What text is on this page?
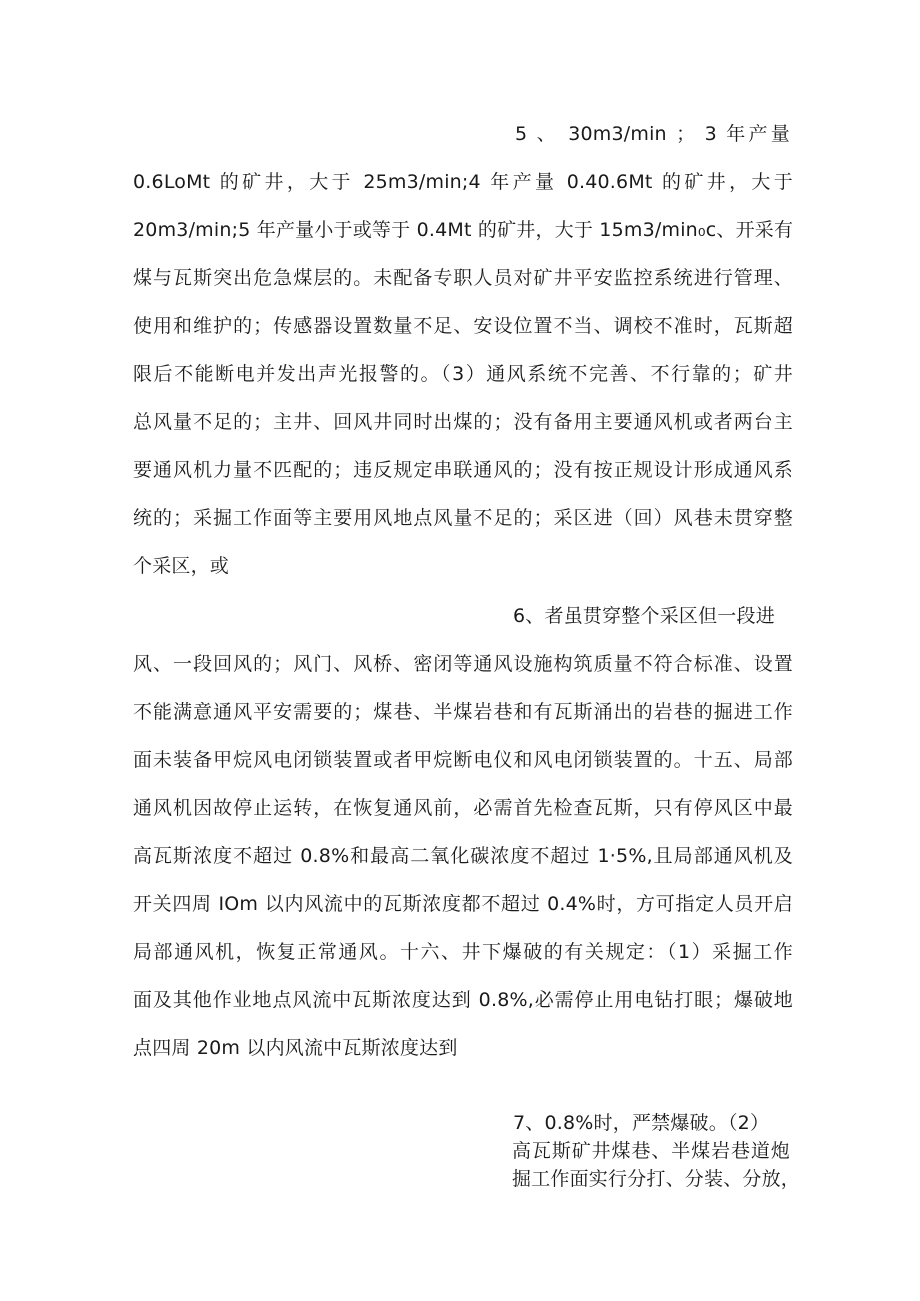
5 、 30m3∕min ； 3 年产量
0.6LoMt 的矿井，大于 25m3∕min;4 年产量 0.40.6Mt 的矿井，大于
20m3∕min;5 年产量小于或等于 0.4Mt 的矿井，大于 15m3∕min₀c、开采有
煤与瓦斯突出危急煤层的。未配备专职人员对矿井平安监控系统进行管理、
使用和维护的；传感器设置数量不足、安设位置不当、调校不准时，瓦斯超
限后不能断电并发出声光报警的。（3）通风系统不完善、不行靠的；矿井
总风量不足的；主井、回风井同时出煤的；没有备用主要通风机或者两台主
要通风机力量不匹配的；违反规定串联通风的；没有按正规设计形成通风系
统的；采掘工作面等主要用风地点风量不足的；采区进（回）风巷未贯穿整
个采区，或
6、者虽贯穿整个采区但一段进
风、一段回风的；风门、风桥、密闭等通风设施构筑质量不符合标准、设置
不能满意通风平安需要的；煤巷、半煤岩巷和有瓦斯涌出的岩巷的掘进工作
面未装备甲烷风电闭锁装置或者甲烷断电仪和风电闭锁装置的。十五、局部
通风机因故停止运转，在恢复通风前，必需首先检查瓦斯，只有停风区中最
高瓦斯浓度不超过 0.8%和最高二氧化碳浓度不超过 1·5%,且局部通风机及
开关四周 IOm 以内风流中的瓦斯浓度都不超过 0.4%时，方可指定人员开启
局部通风机，恢复正常通风。十六、井下爆破的有关规定：（1）采掘工作
面及其他作业地点风流中瓦斯浓度达到 0.8%,必需停止用电钻打眼；爆破地
点四周 20m 以内风流中瓦斯浓度达到
7、0.8%时，严禁爆破。（2）
高瓦斯矿井煤巷、半煤岩巷道炮
掘工作面实行分打、分装、分放，
